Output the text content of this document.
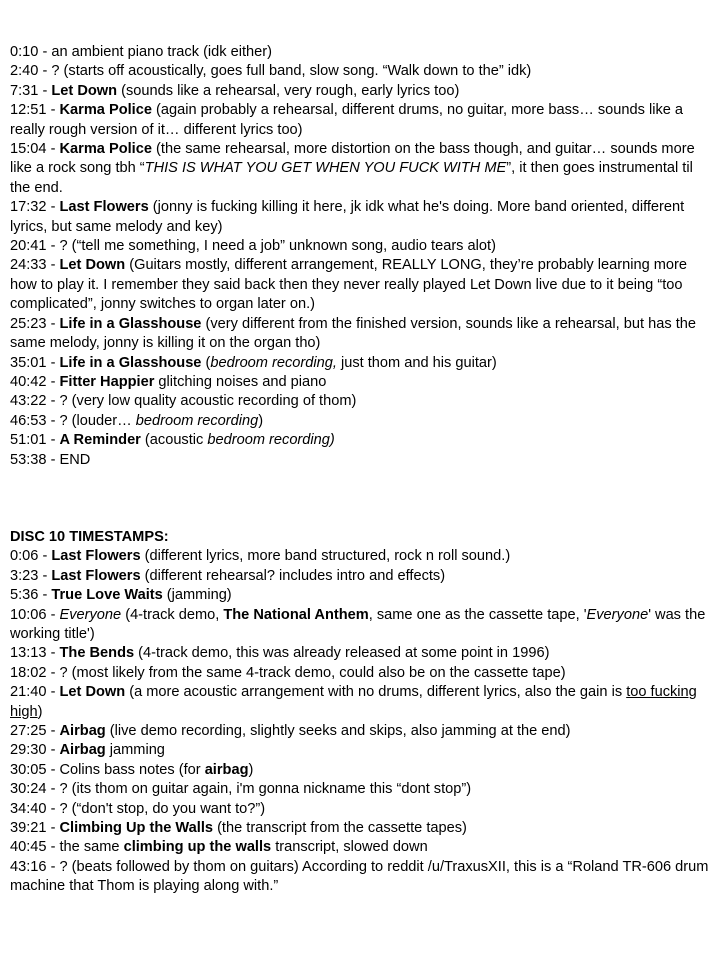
0:10 - an ambient piano track (idk either)

2:40 - ? (starts off acoustically, goes full band, slow song. “Walk down to the” idk)

7:31 - Let Down (sounds like a rehearsal, very rough, early lyrics too)

12:51 - Karma Police (again probably a rehearsal, different drums, no guitar, more bass… sounds like a really rough version of it… different lyrics too)

15:04 - Karma Police (the same rehearsal, more distortion on the bass though, and guitar… sounds more like a rock song tbh “THIS IS WHAT YOU GET WHEN YOU FUCK WITH ME”, it then goes instrumental til the end.

17:32 - Last Flowers (jonny is fucking killing it here, jk idk what he's doing. More band oriented, different lyrics, but same melody and key)

20:41 - ? (“tell me something, I need a job” unknown song, audio tears alot)

24:33 - Let Down (Guitars mostly, different arrangement, REALLY LONG, they’re probably learning more how to play it. I remember they said back then they never really played Let Down live due to it being “too complicated”, jonny switches to organ later on.)

25:23 - Life in a Glasshouse (very different from the finished version, sounds like a rehearsal, but has the same melody, jonny is killing it on the organ tho)

35:01 - Life in a Glasshouse (bedroom recording, just thom and his guitar)

40:42 - Fitter Happier glitching noises and piano

43:22 - ? (very low quality acoustic recording of thom)

46:53 - ? (louder… bedroom recording)

51:01 - A Reminder (acoustic bedroom recording)

53:38 - END

DISC 10 TIMESTAMPS:

0:06 - Last Flowers (different lyrics, more band structured, rock n roll sound.)

3:23 - Last Flowers (different rehearsal? includes intro and effects)

5:36 - True Love Waits (jamming)

10:06 - Everyone (4-track demo, The National Anthem, same one as the cassette tape, 'Everyone' was the working title')

13:13 - The Bends (4-track demo, this was already released at some point in 1996)

18:02 - ? (most likely from the same 4-track demo, could also be on the cassette tape)

21:40 - Let Down (a more acoustic arrangement with no drums, different lyrics, also the gain is too fucking high)

27:25 - Airbag (live demo recording, slightly seeks and skips, also jamming at the end)

29:30 - Airbag jamming

30:05 - Colins bass notes (for airbag)

30:24 - ? (its thom on guitar again, i'm gonna nickname this “dont stop”)

34:40 - ? (“don't stop, do you want to?”)

39:21 - Climbing Up the Walls (the transcript from the cassette tapes)

40:45 - the same climbing up the walls transcript, slowed down

43:16 - ? (beats followed by thom on guitars) According to reddit /u/TraxusXII, this is a “Roland TR-606 drum machine that Thom is playing along with.”
